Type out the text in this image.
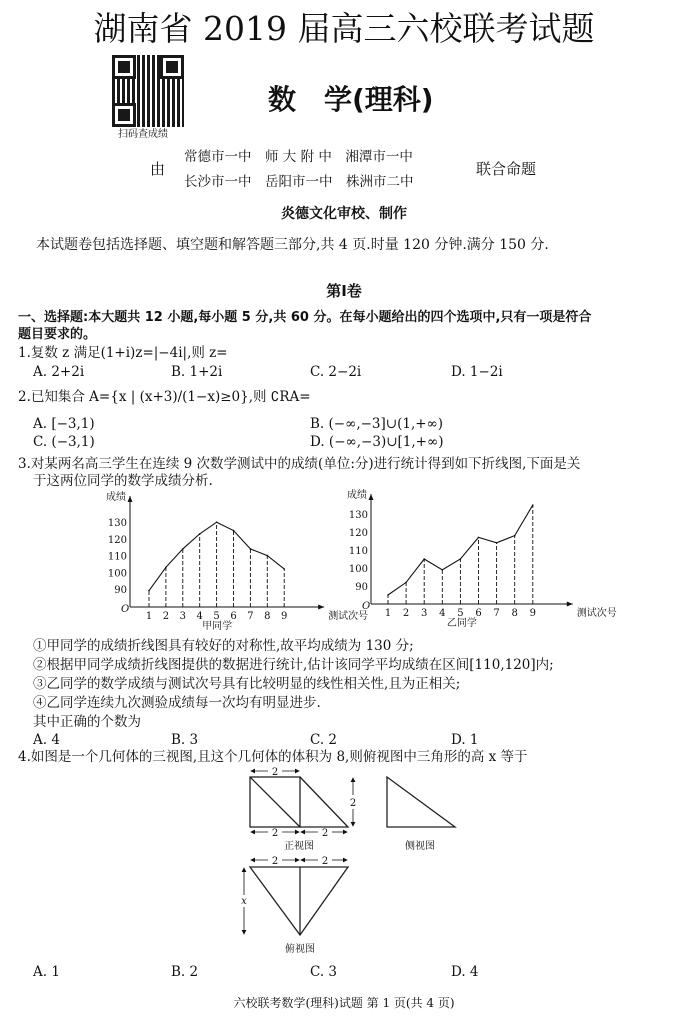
湖南省 2019 届高三六校联考试题
扫码查成绩
数　学(理科)
由
常德市一中　师 大 附 中　湘潭市一中
长沙市一中　岳阳市一中　株洲市二中
联合命题
炎德文化审校、制作
本试题卷包括选择题、填空题和解答题三部分,共 4 页.时量 120 分钟.满分 150 分.
第Ⅰ卷
一、选择题:本大题共 12 小题,每小题 5 分,共 60 分。在每小题给出的四个选项中,只有一项是符合
题目要求的。
1.复数 z 满足(1+i)z=|−4i|,则 z=
A. 2+2i	B. 1+2i	C. 2−2i	D. 1−2i
2.已知集合 A={x | (x+3)/(1−x)≥0},则 ∁RA=
A. [−3,1)	B. (−∞,−3]∪(1,+∞)
C. (−3,1)	D. (−∞,−3)∪[1,+∞)
3.对某两名高三学生在连续 9 次数学测试中的成绩(单位:分)进行统计得到如下折线图,下面是关
于这两位同学的数学成绩分析.
成绩
测试次号
O
甲同学
90
100
110
120
130
1 2 3 4 5 6 7 8 9
成绩
测试次号
O
乙同学
90
100
110
120
130
1 2 3 4 5 6 7 8 9
①甲同学的成绩折线图具有较好的对称性,故平均成绩为 130 分;
②根据甲同学成绩折线图提供的数据进行统计,估计该同学平均成绩在区间[110,120]内;
③乙同学的数学成绩与测试次号具有比较明显的线性相关性,且为正相关;
④乙同学连续九次测验成绩每一次均有明显进步.
其中正确的个数为
A. 4	B. 3	C. 2	D. 1
4.如图是一个几何体的三视图,且这个几何体的体积为 8,则俯视图中三角形的高 x 等于
2
2	2
2
2	2
x
正视图	侧视图
俯视图
A. 1	B. 2	C. 3	D. 4
六校联考数学(理科)试题 第 1 页(共 4 页)
